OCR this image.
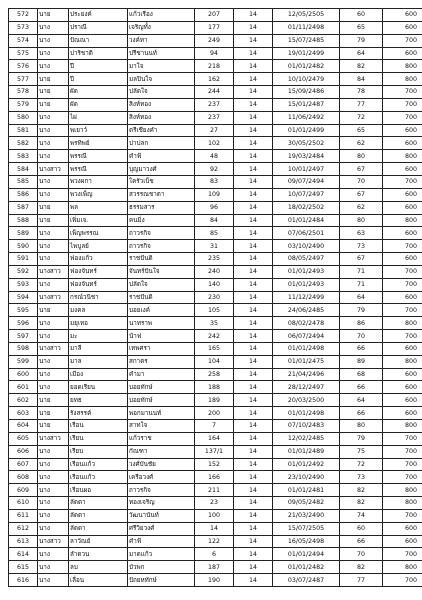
572	นาย	ประยงค์	แก้วเรือง	207	14	12/05/2505	60	600
573	นาง	ปราณี	เจริญทั้ง	177	14	01/11/2498	65	600
574	นาง	ปัณณา	วงค์ทา	249	14	15/07/2485	79	700
575	นาง	ปาริชาติ	ปรีชานนท์	94	14	19/01/2499	64	600
576	นาง	ปี	มาใจ	218	14	01/01/2482	82	800
577	นาย	ปี	มลปินใจ	162	14	10/10/2479	84	800
578	นาย	ผัด	ปลัดใจ	244	14	15/09/2486	78	700
579	นาย	ผัด	สิงห์ทอง	237	14	15/01/2487	77	700
580	นาง	ไผ่	สิงห์ทอง	237	14	11/06/2492	72	700
581	นาง	พเยาว์	ตรีเชียงคำ	27	14	01/01/2499	65	600
582	นาง	พรทิพย์	ปาปลก	102	14	30/05/2502	62	600
583	นาง	พรรณี	คำฟ้	48	14	19/03/2484	80	800
584	นางสาว	พรรณี	บุญมาวงศ์	92	14	10/01/2497	67	600
585	นาง	พวงผกา	ใครัวเบ็ช	83	14	09/07/2494	70	700
586	นาง	พวงเพ็ญ	สวรรณชาตา	109	14	10/07/2497	67	600
587	นาย	พล	ธรรมสาร	96	14	18/02/2502	62	600
588	นาย	เพิ่มเจ.	คนมิ่ง	84	14	01/01/2484	80	800
589	นาง	เพ็ญพรรณ	ถาวรกิจ	85	14	07/06/2501	63	600
590	นาง	ไพบูลย์	ถาวรกิจ	31	14	03/10/2490	73	700
591	นาง	ฟองแก้ว	ราชปันดิ	235	14	08/05/2497	67	600
592	นางสาว	ฟองจันทร์	จันทร์ปันใจ	240	14	01/01/2493	71	700
593	นาง	ฟองจันทร์	ปลัดใจ	140	14	01/01/2493	71	700
594	นางสาว	กรณ์วนิชา	ราชปันดิ	230	14	11/12/2499	64	600
595	นาย	มงคล	บอยเงค์	105	14	24/06/2485	79	700
596	นาง	มยุเทอ	นาทราพ	35	14	08/02/2478	86	800
597	นาง	มะ	น้าฟ	242	14	06/07/2494	70	700
598	นางสาว	มาลี	เทพศรา	165	14	01/01/2498	66	600
599	นาง	มาล	สกาตร	104	14	01/01/2475	89	800
600	นาง	เมือง	คำมา	258	14	21/04/2496	68	600
601	นาง	ยอดเรียน	บอยทักษ์	188	14	28/12/2497	66	600
602	นาย	ยทธ	บอยทักษ์	189	14	20/03/2500	64	600
603	นาย	รังสรรค์	พอกมานนท์	200	14	01/01/2498	66	600
604	นาย	เรือน	สาทใจ	7	14	07/10/2483	80	800
605	นางสาว	เรียน	แก้วราช	164	14	12/02/2485	79	700
606	นาง	เรียบ	กัณฑา	137/1	14	01/01/2489	75	700
607	นาง	เรือนแก้ว	วงศ์บันชัย	152	14	01/01/2492	72	700
608	นาง	เรือนแก้ว	เครือวงศ์	166	14	23/10/2490	73	700
609	นาง	เรือนผอ	ถาวรกิจ	211	14	01/01/2481	82	800
610	นาง	ลัดดา	ทองเจริญ	23	14	09/05/2482	82	800
611	นาง	ลัดดา	วัฒนานันท์	100	14	21/03/2490	74	700
612	นาง	ลัดดา	ศรีวิยวงศ์	14	14	15/07/2505	60	600
613	นางสาว	ลาวัณย์	คำฟ้	122	14	16/05/2498	66	600
614	นาง	ลำดวน	มาดแก้ว	6	14	01/01/2494	70	700
615	นาง	ลบ	บัวพก	187	14	01/01/2482	82	800
616	นาง	เลื่อน	ปัถยหทักษ์	190	14	03/07/2487	77	700
